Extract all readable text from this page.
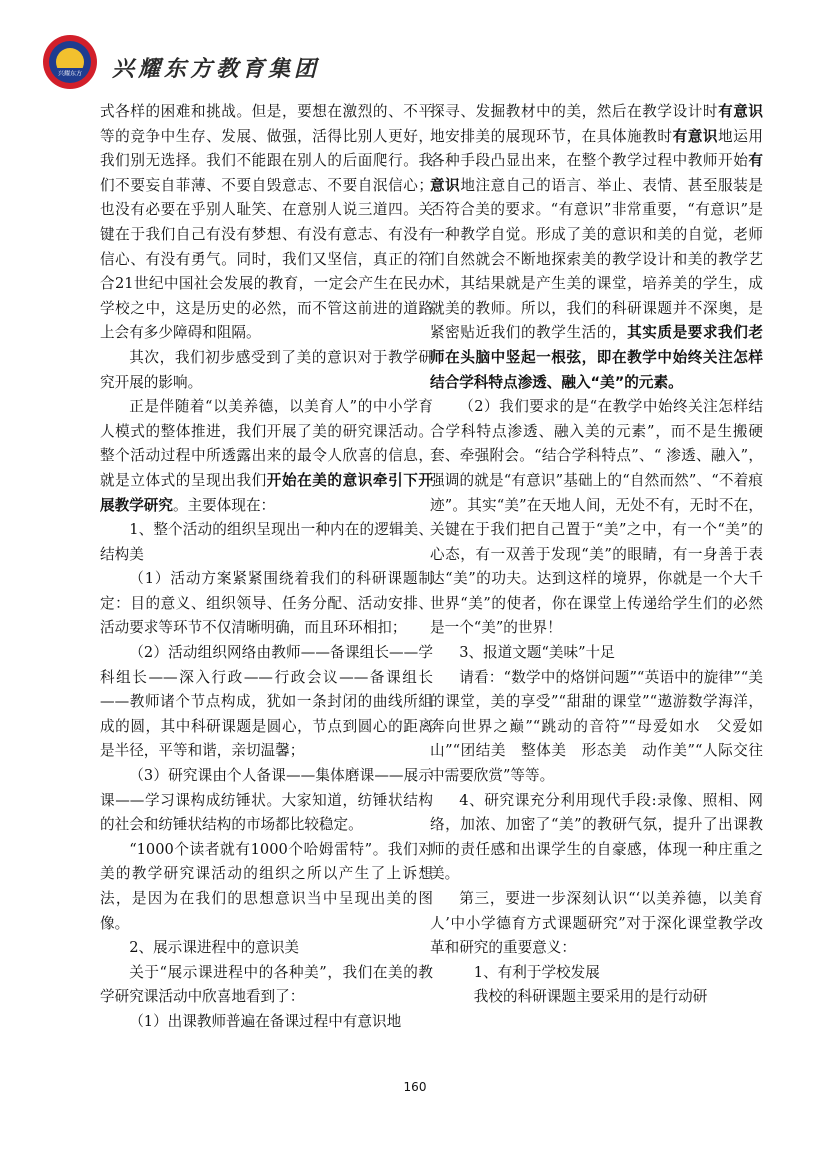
兴耀东方 兴耀东方教育集团

式各样的困难和挑战。但是，要想在激烈的、不平等的竞争中生存、发展、做强，活得比别人更好，我们别无选择。我们不能跟在别人的后面爬行。我们不要妄自菲薄、不要自毁意志、不要自泯信心；也没有必要在乎别人耻笑、在意别人说三道四。关键在于我们自己有没有梦想、有没有意志、有没有信心、有没有勇气。同时，我们又坚信，真正的符合21世纪中国社会发展的教育，一定会产生在民办学校之中，这是历史的必然，而不管这前进的道路上会有多少障碍和阻隔。

其次，我们初步感受到了美的意识对于教学研究开展的影响。

正是伴随着“以美养德，以美育人”的中小学育人模式的整体推进，我们开展了美的研究课活动。整个活动过程中所透露出来的最令人欣喜的信息，就是立体式的呈现出我们开始在美的意识牵引下开展教学研究。主要体现在：

1、整个活动的组织呈现出一种内在的逻辑美、结构美

（1）活动方案紧紧围绕着我们的科研课题制定：目的意义、组织领导、任务分配、活动安排、活动要求等环节不仅清晰明确，而且环环相扣；

（2）活动组织网络由教师——备课组长——学科组长——深入行政——行政会议——备课组长——教师诸个节点构成，犹如一条封闭的曲线所組成的圆，其中科研课题是圆心，节点到圆心的距离是半径，平等和谐，亲切温馨；

（3）研究课由个人备课——集体磨课——展示课——学习课构成纺锤状。大家知道，纺锤状结构的社会和纺锤状结构的市场都比较稳定。

“1000个读者就有1000个哈姆雷特”。我们对美的教学研究课活动的组织之所以产生了上诉想法，是因为在我们的思想意识当中呈现出美的图像。

2、展示课进程中的意识美

关于“展示课进程中的各种美”，我们在美的教学研究课活动中欣喜地看到了：

（1）出课教师普遍在备课过程中有意识地

探寻、发掘教材中的美，然后在教学设计时有意识地安排美的展现环节，在具体施教时有意识地运用各种手段凸显出来，在整个教学过程中教师开始有意识地注意自己的语言、举止、表情、甚至服装是否符合美的要求。“有意识”非常重要，“有意识”是一种教学自觉。形成了美的意识和美的自觉，老师们自然就会不断地探索美的教学设计和美的教学艺术，其结果就是产生美的课堂，培养美的学生，成就美的教师。所以，我们的科研课题并不深奥，是紧密贴近我们的教学生活的，其实质是要求我们老师在头脑中竖起一根弦，即在教学中始终关注怎样结合学科特点渗透、融入“美”的元素。

（2）我们要求的是“在教学中始终关注怎样结合学科特点渗透、融入美的元素”，而不是生搬硬套、牵强附会。“结合学科特点”、“ 渗透、融入”，强调的就是“有意识”基础上的“自然而然”、“不着痕迹”。其实“美”在天地人间，无处不有，无时不在，关键在于我们把自己置于“美”之中，有一个“美”的心态，有一双善于发现“美”的眼睛，有一身善于表达“美”的功夫。达到这样的境界，你就是一个大千世界“美”的使者，你在课堂上传递给学生们的必然是一个“美”的世界！

3、报道文题“美味”十足

请看：“数学中的烙饼问题”“英语中的旋律”“美的课堂，美的享受”“甜甜的课堂”“遨游数学海洋，奔向世界之巅”“跳动的音符”“母爱如水　父爱如山”“团结美　整体美　形态美　动作美”“人际交往中需要欣赏”等等。

4、研究课充分利用现代手段:录像、照相、网络，加浓、加密了“美”的教研气氛，提升了出课教师的责任感和出课学生的自豪感，体现一种庄重之美。

第三，要进一步深刻认识“‘以美养德，以美育人’中小学德育方式课题研究”对于深化课堂教学改革和研究的重要意义：

1、有利于学校发展

我校的科研课题主要采用的是行动研

160
